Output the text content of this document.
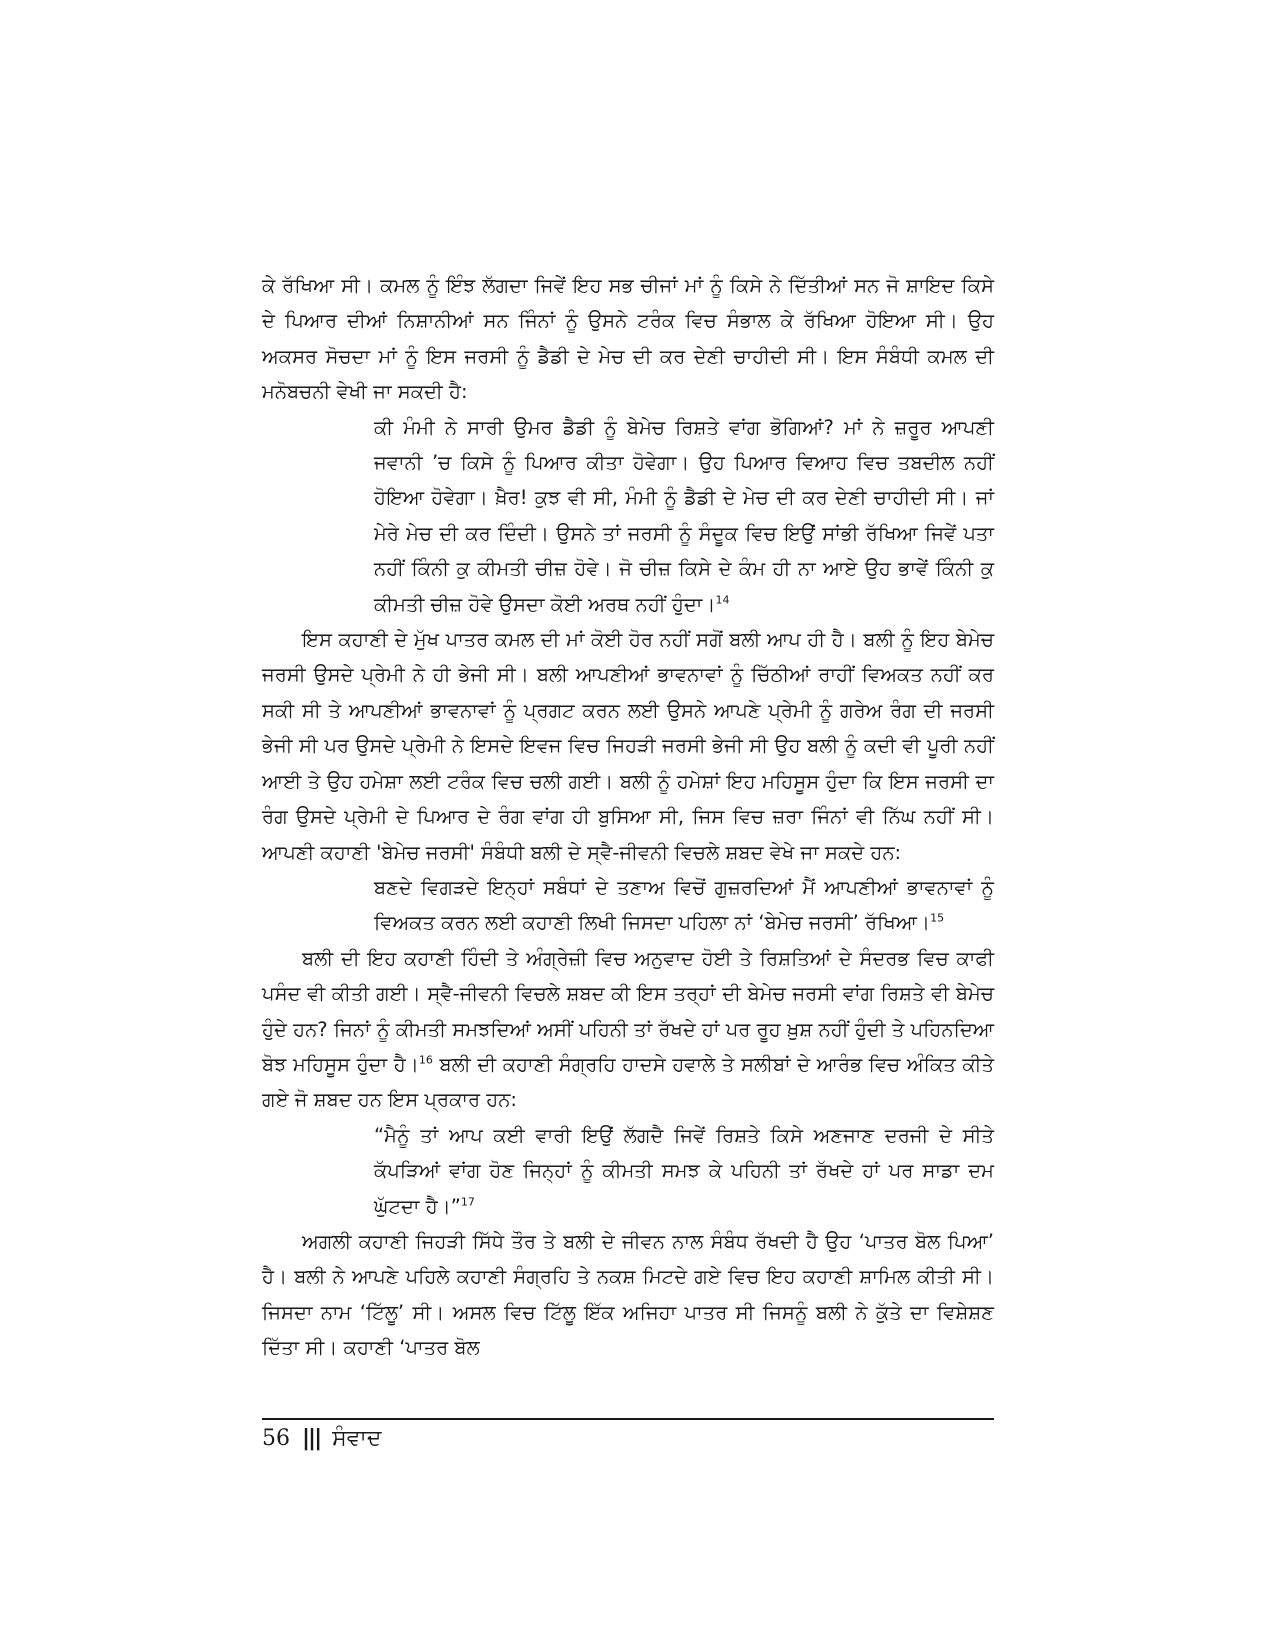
ਕੇ ਰੱਖਿਆ ਸੀ। ਕਮਲ ਨੂੰ ਇੰਝ ਲੱਗਦਾ ਜਿਵੇਂ ਇਹ ਸਭ ਚੀਜਾਂ ਮਾਂ ਨੂੰ ਕਿਸੇ ਨੇ ਦਿੱਤੀਆਂ ਸਨ ਜੋ ਸ਼ਾਇਦ ਕਿਸੇ ਦੇ ਪਿਆਰ ਦੀਆਂ ਨਿਸ਼ਾਨੀਆਂ ਸਨ ਜਿੰਨਾਂ ਨੂੰ ਉਸਨੇ ਟਰੰਕ ਵਿਚ ਸੰਭਾਲ ਕੇ ਰੱਖਿਆ ਹੋਇਆ ਸੀ। ਉਹ ਅਕਸਰ ਸੋਚਦਾ ਮਾਂ ਨੂੰ ਇਸ ਜਰਸੀ ਨੂੰ ਡੈਡੀ ਦੇ ਮੇਚ ਦੀ ਕਰ ਦੇਣੀ ਚਾਹੀਦੀ ਸੀ। ਇਸ ਸੰਬੰਧੀ ਕਮਲ ਦੀ ਮਨੋਬਚਨੀ ਵੇਖੀ ਜਾ ਸਕਦੀ ਹੈ:

ਕੀ ਮੰਮੀ ਨੇ ਸਾਰੀ ਉਮਰ ਡੈਡੀ ਨੂੰ ਬੇਮੇਚ ਰਿਸ਼ਤੇ ਵਾਂਗ ਭੋਗਿਆਂ? ਮਾਂ ਨੇ ਜ਼ਰੂਰ ਆਪਣੀ ਜਵਾਨੀ ’ਚ ਕਿਸੇ ਨੂੰ ਪਿਆਰ ਕੀਤਾ ਹੋਵੇਗਾ। ਉਹ ਪਿਆਰ ਵਿਆਹ ਵਿਚ ਤਬਦੀਲ ਨਹੀਂ ਹੋਇਆ ਹੋਵੇਗਾ। ਖ਼ੈਰ! ਕੁਝ ਵੀ ਸੀ, ਮੰਮੀ ਨੂੰ ਡੈਡੀ ਦੇ ਮੇਚ ਦੀ ਕਰ ਦੇਣੀ ਚਾਹੀਦੀ ਸੀ। ਜਾਂ ਮੇਰੇ ਮੇਚ ਦੀ ਕਰ ਦਿੰਦੀ। ਉਸਨੇ ਤਾਂ ਜਰਸੀ ਨੂੰ ਸੰਦੂਕ ਵਿਚ ਇਉਂ ਸਾਂਭੀ ਰੱਖਿਆ ਜਿਵੇਂ ਪਤਾ ਨਹੀਂ ਕਿੰਨੀ ਕੁ ਕੀਮਤੀ ਚੀਜ਼ ਹੋਵੇ। ਜੋ ਚੀਜ਼ ਕਿਸੇ ਦੇ ਕੰਮ ਹੀ ਨਾ ਆਏ ਉਹ ਭਾਵੇਂ ਕਿੰਨੀ ਕੁ ਕੀਮਤੀ ਚੀਜ਼ ਹੋਵੇ ਉਸਦਾ ਕੋਈ ਅਰਥ ਨਹੀਂ ਹੁੰਦਾ।$^{14}$

ਇਸ ਕਹਾਣੀ ਦੇ ਮੁੱਖ ਪਾਤਰ ਕਮਲ ਦੀ ਮਾਂ ਕੋਈ ਹੋਰ ਨਹੀਂ ਸਗੋਂ ਬਲੀ ਆਪ ਹੀ ਹੈ। ਬਲੀ ਨੂੰ ਇਹ ਬੇਮੇਚ ਜਰਸੀ ਉਸਦੇ ਪ੍ਰੇਮੀ ਨੇ ਹੀ ਭੇਜੀ ਸੀ। ਬਲੀ ਆਪਣੀਆਂ ਭਾਵਨਾਵਾਂ ਨੂੰ ਚਿੱਠੀਆਂ ਰਾਹੀਂ ਵਿਅਕਤ ਨਹੀਂ ਕਰ ਸਕੀ ਸੀ ਤੇ ਆਪਣੀਆਂ ਭਾਵਨਾਵਾਂ ਨੂੰ ਪ੍ਰਗਟ ਕਰਨ ਲਈ ਉਸਨੇ ਆਪਣੇ ਪ੍ਰੇਮੀ ਨੂੰ ਗਰੇਅ ਰੰਗ ਦੀ ਜਰਸੀ ਭੇਜੀ ਸੀ ਪਰ ਉਸਦੇ ਪ੍ਰੇਮੀ ਨੇ ਇਸਦੇ ਇਵਜ ਵਿਚ ਜਿਹੜੀ ਜਰਸੀ ਭੇਜੀ ਸੀ ਉਹ ਬਲੀ ਨੂੰ ਕਦੀ ਵੀ ਪੂਰੀ ਨਹੀਂ ਆਈ ਤੇ ਉਹ ਹਮੇਸ਼ਾ ਲਈ ਟਰੰਕ ਵਿਚ ਚਲੀ ਗਈ। ਬਲੀ ਨੂੰ ਹਮੇਸ਼ਾਂ ਇਹ ਮਹਿਸੂਸ ਹੁੰਦਾ ਕਿ ਇਸ ਜਰਸੀ ਦਾ ਰੰਗ ਉਸਦੇ ਪ੍ਰੇਮੀ ਦੇ ਪਿਆਰ ਦੇ ਰੰਗ ਵਾਂਗ ਹੀ ਬੁਸਿਆ ਸੀ, ਜਿਸ ਵਿਚ ਜ਼ਰਾ ਜਿੰਨਾਂ ਵੀ ਨਿੱਘ ਨਹੀਂ ਸੀ। ਆਪਣੀ ਕਹਾਣੀ 'ਬੇਮੇਚ ਜਰਸੀ' ਸੰਬੰਧੀ ਬਲੀ ਦੇ ਸ੍ਵੈ-ਜੀਵਨੀ ਵਿਚਲੇ ਸ਼ਬਦ ਵੇਖੇ ਜਾ ਸਕਦੇ ਹਨ:

ਬਣਦੇ ਵਿਗੜਦੇ ਇਨ੍ਹਾਂ ਸਬੰਧਾਂ ਦੇ ਤਣਾਅ ਵਿਚੋਂ ਗੁਜ਼ਰਦਿਆਂ ਮੈਂ ਆਪਣੀਆਂ ਭਾਵਨਾਵਾਂ ਨੂੰ ਵਿਅਕਤ ਕਰਨ ਲਈ ਕਹਾਣੀ ਲਿਖੀ ਜਿਸਦਾ ਪਹਿਲਾ ਨਾਂ ‘ਬੇਮੇਚ ਜਰਸੀ’ ਰੱਖਿਆ।$^{15}$

ਬਲੀ ਦੀ ਇਹ ਕਹਾਣੀ ਹਿੰਦੀ ਤੇ ਅੰਗ੍ਰੇਜ਼ੀ ਵਿਚ ਅਨੁਵਾਦ ਹੋਈ ਤੇ ਰਿਸ਼ਤਿਆਂ ਦੇ ਸੰਦਰਭ ਵਿਚ ਕਾਫੀ ਪਸੰਦ ਵੀ ਕੀਤੀ ਗਈ। ਸ੍ਵੈ-ਜੀਵਨੀ ਵਿਚਲੇ ਸ਼ਬਦ ਕੀ ਇਸ ਤਰ੍ਹਾਂ ਦੀ ਬੇਮੇਚ ਜਰਸੀ ਵਾਂਗ ਰਿਸ਼ਤੇ ਵੀ ਬੇਮੇਚ ਹੁੰਦੇ ਹਨ? ਜਿਨਾਂ ਨੂੰ ਕੀਮਤੀ ਸਮਝਦਿਆਂ ਅਸੀਂ ਪਹਿਨੀ ਤਾਂ ਰੱਖਦੇ ਹਾਂ ਪਰ ਰੂਹ ਖ਼ੁਸ਼ ਨਹੀਂ ਹੁੰਦੀ ਤੇ ਪਹਿਨਦਿਆ ਬੋਝ ਮਹਿਸੂਸ ਹੁੰਦਾ ਹੈ।$^{16}$ ਬਲੀ ਦੀ ਕਹਾਣੀ ਸੰਗ੍ਰਹਿ ਹਾਦਸੇ ਹਵਾਲੇ ਤੇ ਸਲੀਬਾਂ ਦੇ ਆਰੰਭ ਵਿਚ ਅੰਕਿਤ ਕੀਤੇ ਗਏ ਜੋ ਸ਼ਬਦ ਹਨ ਇਸ ਪ੍ਰਕਾਰ ਹਨ:

“ਮੈਨੂੰ ਤਾਂ ਆਪ ਕਈ ਵਾਰੀ ਇਉਂ ਲੱਗਦੈ ਜਿਵੇਂ ਰਿਸ਼ਤੇ ਕਿਸੇ ਅਣਜਾਣ ਦਰਜੀ ਦੇ ਸੀਤੇ ਕੱਪੜਿਆਂ ਵਾਂਗ ਹੋਣ ਜਿਨ੍ਹਾਂ ਨੂੰ ਕੀਮਤੀ ਸਮਝ ਕੇ ਪਹਿਨੀ ਤਾਂ ਰੱਖਦੇ ਹਾਂ ਪਰ ਸਾਡਾ ਦਮ ਘੁੱਟਦਾ ਹੈ।”$^{17}$

ਅਗਲੀ ਕਹਾਣੀ ਜਿਹੜੀ ਸਿੱਧੇ ਤੌਰ ਤੇ ਬਲੀ ਦੇ ਜੀਵਨ ਨਾਲ ਸੰਬੰਧ ਰੱਖਦੀ ਹੈ ਉਹ ‘ਪਾਤਰ ਬੋਲ ਪਿਆ’ ਹੈ। ਬਲੀ ਨੇ ਆਪਣੇ ਪਹਿਲੇ ਕਹਾਣੀ ਸੰਗ੍ਰਹਿ ਤੇ ਨਕਸ਼ ਮਿਟਦੇ ਗਏ ਵਿਚ ਇਹ ਕਹਾਣੀ ਸ਼ਾਮਿਲ ਕੀਤੀ ਸੀ। ਜਿਸਦਾ ਨਾਮ ‘ਟਿੱਲੂ’ ਸੀ। ਅਸਲ ਵਿਚ ਟਿੱਲੂ ਇੱਕ ਅਜਿਹਾ ਪਾਤਰ ਸੀ ਜਿਸਨੂੰ ਬਲੀ ਨੇ ਕੁੱਤੇ ਦਾ ਵਿਸ਼ੇਸ਼ਣ ਦਿੱਤਾ ਸੀ। ਕਹਾਣੀ ‘ਪਾਤਰ ਬੋਲ

56 ||| ਸੰਵਾਦ
